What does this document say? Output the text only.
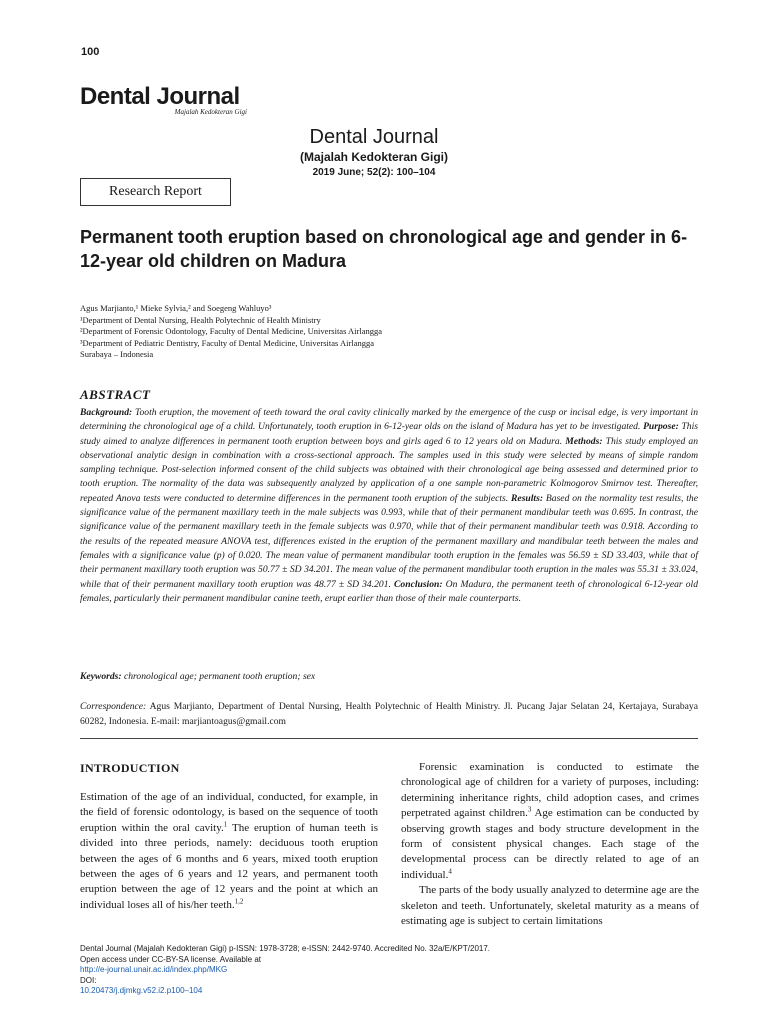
100
Dental Journal
Majalah Kedokteran Gigi
Dental Journal
(Majalah Kedokteran Gigi)
2019 June; 52(2): 100–104
Research Report
Permanent tooth eruption based on chronological age and gender in 6-12-year old children on Madura
Agus Marjianto,¹ Mieke Sylvia,² and Soegeng Wahluyo³
¹Department of Dental Nursing, Health Polytechnic of Health Ministry
²Department of Forensic Odontology, Faculty of Dental Medicine, Universitas Airlangga
³Department of Pediatric Dentistry, Faculty of Dental Medicine, Universitas Airlangga
Surabaya – Indonesia
ABSTRACT
Background: Tooth eruption, the movement of teeth toward the oral cavity clinically marked by the emergence of the cusp or incisal edge, is very important in determining the chronological age of a child. Unfortunately, tooth eruption in 6-12-year olds on the island of Madura has yet to be investigated. Purpose: This study aimed to analyze differences in permanent tooth eruption between boys and girls aged 6 to 12 years old on Madura. Methods: This study employed an observational analytic design in combination with a cross-sectional approach. The samples used in this study were selected by means of simple random sampling technique. Post-selection informed consent of the child subjects was obtained with their chronological age being assessed and determined prior to tooth eruption. The normality of the data was subsequently analyzed by application of a one sample non-parametric Kolmogorov Smirnov test. Thereafter, repeated Anova tests were conducted to determine differences in the permanent tooth eruption of the subjects. Results: Based on the normality test results, the significance value of the permanent maxillary teeth in the male subjects was 0.993, while that of their permanent mandibular teeth was 0.695. In contrast, the significance value of the permanent maxillary teeth in the female subjects was 0.970, while that of their permanent mandibular teeth was 0.918. According to the results of the repeated measure ANOVA test, differences existed in the eruption of the permanent maxillary and mandibular teeth between the males and females with a significance value (p) of 0.020. The mean value of permanent mandibular tooth eruption in the females was 56.59 ± SD 33.403, while that of their permanent maxillary tooth eruption was 50.77 ± SD 34.201. The mean value of the permanent mandibular tooth eruption in the males was 55.31 ± 33.024, while that of their permanent maxillary tooth eruption was 48.77 ± SD 34.201. Conclusion: On Madura, the permanent teeth of chronological 6-12-year old females, particularly their permanent mandibular canine teeth, erupt earlier than those of their male counterparts.
Keywords: chronological age; permanent tooth eruption; sex
Correspondence: Agus Marjianto, Department of Dental Nursing, Health Polytechnic of Health Ministry. Jl. Pucang Jajar Selatan 24, Kertajaya, Surabaya 60282, Indonesia. E-mail: marjiantoagus@gmail.com
INTRODUCTION

Estimation of the age of an individual, conducted, for example, in the field of forensic odontology, is based on the sequence of tooth eruption within the oral cavity.$^1$ The eruption of human teeth is divided into three periods, namely: deciduous tooth eruption between the ages of 6 months and 6 years, mixed tooth eruption between the ages of 6 years and 12 years, and permanent tooth eruption between the age of 12 years and the point at which an individual loses all of his/her teeth.$^{1,2}$

Forensic examination is conducted to estimate the chronological age of children for a variety of purposes, including: determining inheritance rights, child adoption cases, and crimes perpetrated against children.$^3$ Age estimation can be conducted by observing growth stages and body structure development in the form of consistent physical changes. Each stage of the developmental process can be directly related to age of an individual.$^4$

The parts of the body usually analyzed to determine age are the skeleton and teeth. Unfortunately, skeletal maturity as a means of estimating age is subject to certain limitations

Dental Journal (Majalah Kedokteran Gigi) p-ISSN: 1978-3728; e-ISSN: 2442-9740. Accredited No. 32a/E/KPT/2017.
Open access under CC-BY-SA license. Available at
http://e-journal.unair.ac.id/index.php/MKG
DOI:
10.20473/j.djmkg.v52.i2.p100–104
